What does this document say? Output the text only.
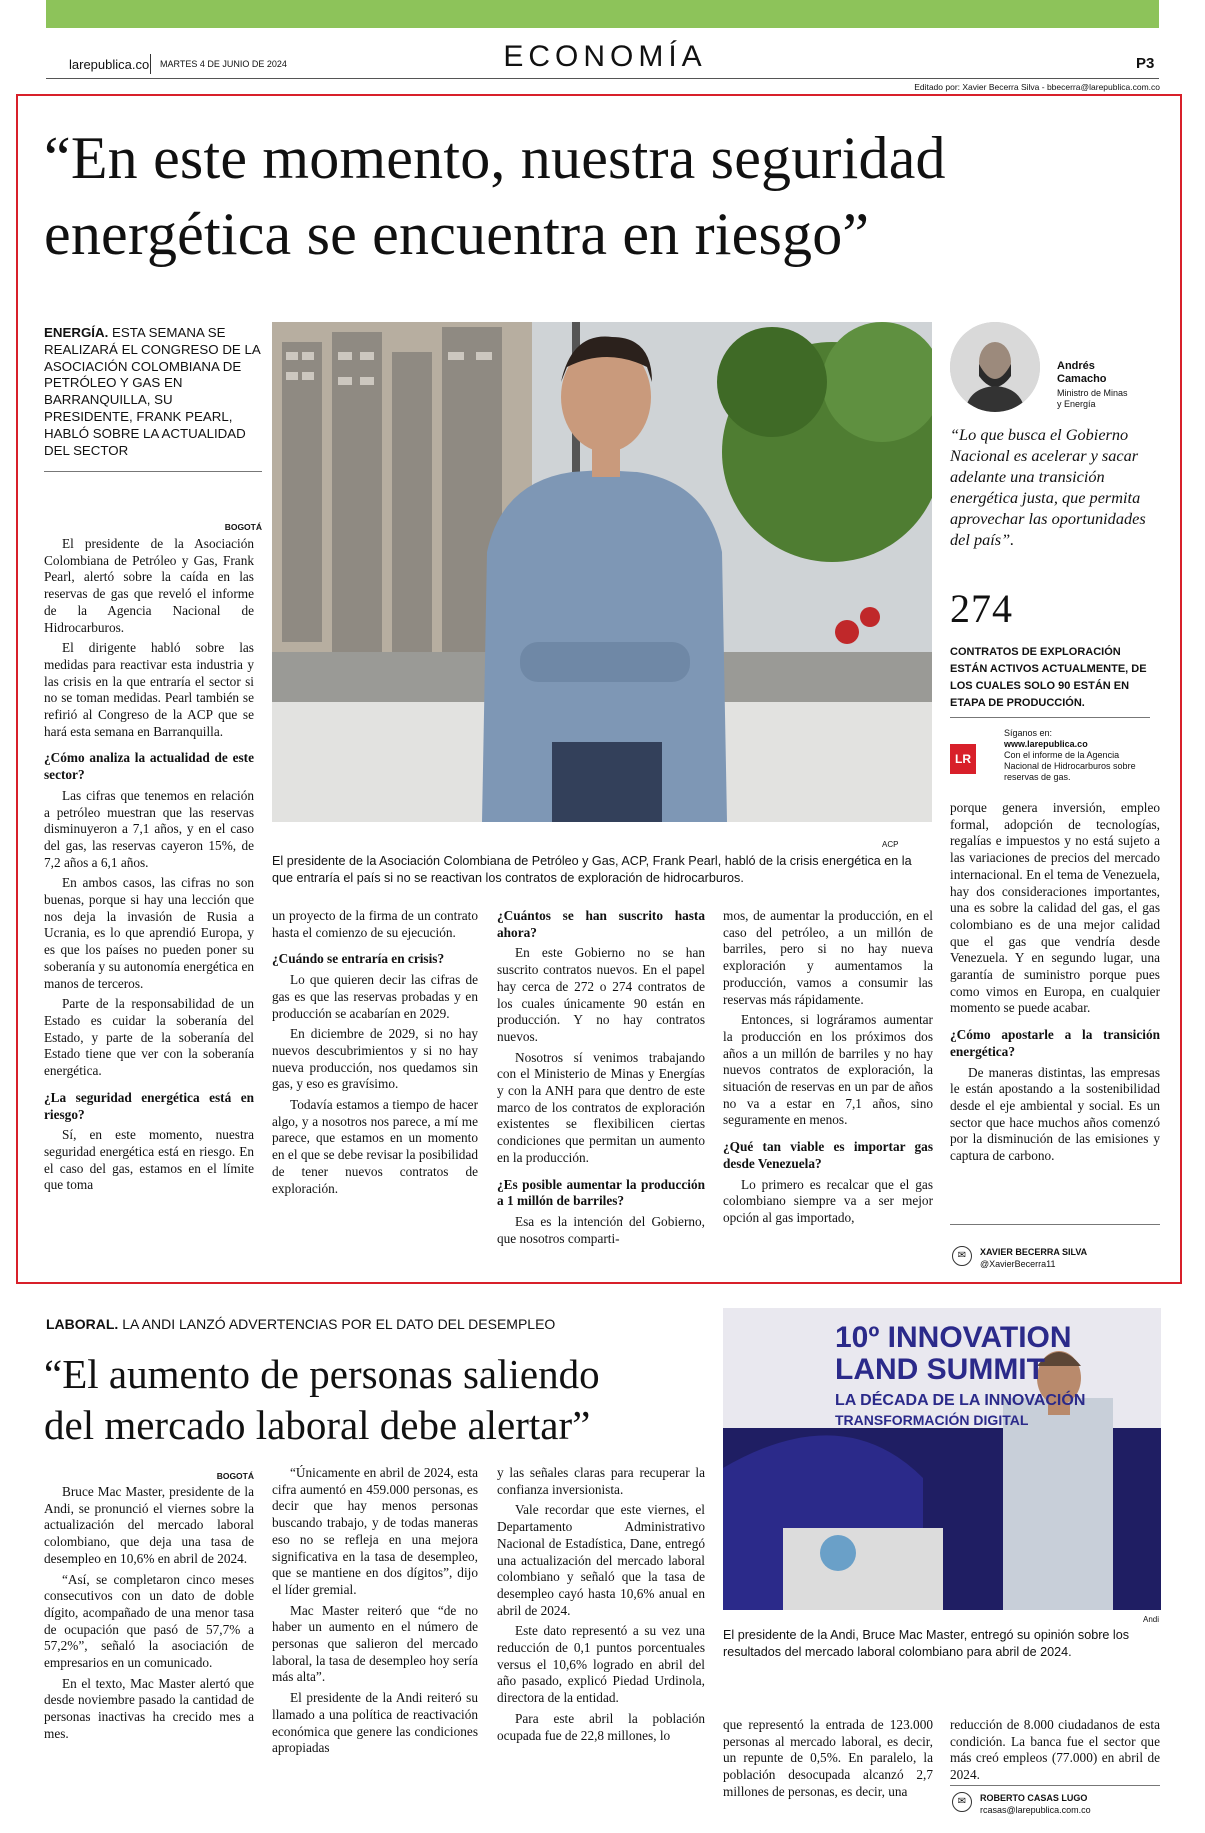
larepublica.co MARTES 4 DE JUNIO DE 2024	ECONOMÍA	P3
Editado por: Xavier Becerra Silva - bbecerra@larepublica.com.co
“En este momento, nuestra seguridad
energética se encuentra en riesgo”
ENERGÍA. ESTA SEMANA SE REALIZARÁ EL CONGRESO DE LA ASOCIACIÓN COLOMBIANA DE PETRÓLEO Y GAS EN BARRANQUILLA, SU PRESIDENTE, FRANK PEARL, HABLÓ SOBRE LA ACTUALIDAD DEL SECTOR
BOGOTÁ
ACP
El presidente de la Asociación Colombiana de Petróleo y Gas, ACP, Frank Pearl, habló de la crisis energética en la que entraría el país si no se reactivan los contratos de exploración de hidrocarburos.
Andrés
Camacho
Ministro de Minas
y Energía
“Lo que busca el Gobierno Nacional es acelerar y sacar adelante una transición energética justa, que permita aprovechar las oportunidades del país”.
274
CONTRATOS DE EXPLORACIÓN ESTÁN ACTIVOS ACTUALMENTE, DE LOS CUALES SOLO 90 ESTÁN EN ETAPA DE PRODUCCIÓN.
LR
Síganos en:
www.larepublica.co
Con el informe de la Agencia Nacional de Hidrocarburos sobre reservas de gas.

El presidente de la Asociación Colombiana de Petróleo y Gas, Frank Pearl, alertó sobre la caída en las reservas de gas que reveló el informe de la Agencia Nacional de Hidrocarburos.

El dirigente habló sobre las medidas para reactivar esta industria y las crisis en la que entraría el sector si no se toman medidas. Pearl también se refirió al Congreso de la ACP que se hará esta semana en Barranquilla.

¿Cómo analiza la actualidad de este sector?

Las cifras que tenemos en relación a petróleo muestran que las reservas disminuyeron a 7,1 años, y en el caso del gas, las reservas cayeron 15%, de 7,2 años a 6,1 años.

En ambos casos, las cifras no son buenas, porque si hay una lección que nos deja la invasión de Rusia a Ucrania, es lo que aprendió Europa, y es que los países no pueden poner su soberanía y su autonomía energética en manos de terceros.

Parte de la responsabilidad de un Estado es cuidar la soberanía del Estado, y parte de la soberanía del Estado tiene que ver con la soberanía energética.

¿La seguridad energética está en riesgo?

Sí, en este momento, nuestra seguridad energética está en riesgo. En el caso del gas, estamos en el límite que toma

un proyecto de la firma de un contrato hasta el comienzo de su ejecución.

¿Cuándo se entraría en crisis?

Lo que quieren decir las cifras de gas es que las reservas probadas y en producción se acabarían en 2029.

En diciembre de 2029, si no hay nuevos descubrimientos y si no hay nueva producción, nos quedamos sin gas, y eso es gravísimo.

Todavía estamos a tiempo de hacer algo, y a nosotros nos parece, a mí me parece, que estamos en un momento en el que se debe revisar la posibilidad de tener nuevos contratos de exploración.

¿Cuántos se han suscrito hasta ahora?

En este Gobierno no se han suscrito contratos nuevos. En el papel hay cerca de 272 o 274 contratos de los cuales únicamente 90 están en producción. Y no hay contratos nuevos.

Nosotros sí venimos trabajando con el Ministerio de Minas y Energías y con la ANH para que dentro de este marco de los contratos de exploración existentes se flexibilicen ciertas condiciones que permitan un aumento en la producción.

¿Es posible aumentar la producción a 1 millón de barriles?

Esa es la intención del Gobierno, que nosotros comparti-

mos, de aumentar la producción, en el caso del petróleo, a un millón de barriles, pero si no hay nueva exploración y aumentamos la producción, vamos a consumir las reservas más rápidamente.

Entonces, si lográramos aumentar la producción en los próximos dos años a un millón de barriles y no hay nuevos contratos de exploración, la situación de reservas en un par de años no va a estar en 7,1 años, sino seguramente en menos.

¿Qué tan viable es importar gas desde Venezuela?

Lo primero es recalcar que el gas colombiano siempre va a ser mejor opción al gas importado,

porque genera inversión, empleo formal, adopción de tecnologías, regalías e impuestos y no está sujeto a las variaciones de precios del mercado internacional. En el tema de Venezuela, hay dos consideraciones importantes, una es sobre la calidad del gas, el gas colombiano es de una mejor calidad que el gas que vendría desde Venezuela. Y en segundo lugar, una garantía de suministro porque pues como vimos en Europa, en cualquier momento se puede acabar.

¿Cómo apostarle a la transición energética?

De maneras distintas, las empresas le están apostando a la sostenibilidad desde el eje ambiental y social. Es un sector que hace muchos años comenzó por la disminución de las emisiones y captura de carbono.

✉	XAVIER BECERRA SILVA
@XavierBecerra11
LABORAL. LA ANDI LANZÓ ADVERTENCIAS POR EL DATO DEL DESEMPLEO
“El aumento de personas saliendo
del mercado laboral debe alertar”
BOGOTÁ

Bruce Mac Master, presidente de la Andi, se pronunció el viernes sobre la actualización del mercado laboral colombiano, que deja una tasa de desempleo en 10,6% en abril de 2024.

“Así, se completaron cinco meses consecutivos con un dato de doble dígito, acompañado de una menor tasa de ocupación que pasó de 57,7% a 57,2%”, señaló la asociación de empresarios en un comunicado.

En el texto, Mac Master alertó que desde noviembre pasado la cantidad de personas inactivas ha crecido mes a mes.

“Únicamente en abril de 2024, esta cifra aumentó en 459.000 personas, es decir que hay menos personas buscando trabajo, y de todas maneras eso no se refleja en una mejora significativa en la tasa de desempleo, que se mantiene en dos dígitos”, dijo el líder gremial.

Mac Master reiteró que “de no haber un aumento en el número de personas que salieron del mercado laboral, la tasa de desempleo hoy sería más alta”.

El presidente de la Andi reiteró su llamado a una política de reactivación económica que genere las condiciones apropiadas

y las señales claras para recuperar la confianza inversionista.

Vale recordar que este viernes, el Departamento Administrativo Nacional de Estadística, Dane, entregó una actualización del mercado laboral colombiano y señaló que la tasa de desempleo cayó hasta 10,6% anual en abril de 2024.

Este dato representó a su vez una reducción de 0,1 puntos porcentuales versus el 10,6% logrado en abril del año pasado, explicó Piedad Urdinola, directora de la entidad.

Para este abril la población ocupada fue de 22,8 millones, lo

que representó la entrada de 123.000 personas al mercado laboral, es decir, un repunte de 0,5%. En paralelo, la población desocupada alcanzó 2,7 millones de personas, es decir, una

reducción de 8.000 ciudadanos de esta condición. La banca fue el sector que más creó empleos (77.000) en abril de 2024.

10º INNOVATION LAND SUMMIT
LA DÉCADA DE LA INNOVACIÓN
TRANSFORMACIÓN DIGITAL
Andi
El presidente de la Andi, Bruce Mac Master, entregó su opinión sobre los resultados del mercado laboral colombiano para abril de 2024.
✉	ROBERTO CASAS LUGO
rcasas@larepublica.com.co
